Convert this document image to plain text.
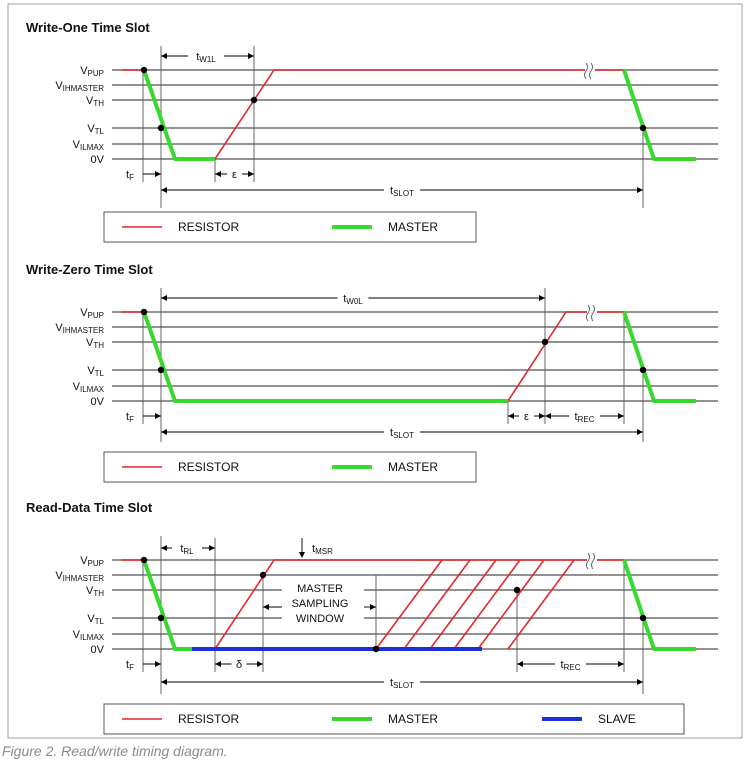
Write-One Time Slot
VPUP
VIHMASTER
VTH
VTL
VILMAX
0V
tW1L
tF	ε
tSLOT
RESISTOR	MASTER
Write-Zero Time Slot
VPUP
VIHMASTER
VTH
VTL
VILMAX
0V
tW0L
tF	ε	tREC
tSLOT
RESISTOR	MASTER
Read-Data Time Slot
VPUP
VIHMASTER
VTH
VTL
VILMAX
0V
tRL	tMSR
MASTER
SAMPLING
WINDOW
tF	δ	tREC
tSLOT
RESISTOR	MASTER	SLAVE

Figure 2. Read/write timing diagram.
